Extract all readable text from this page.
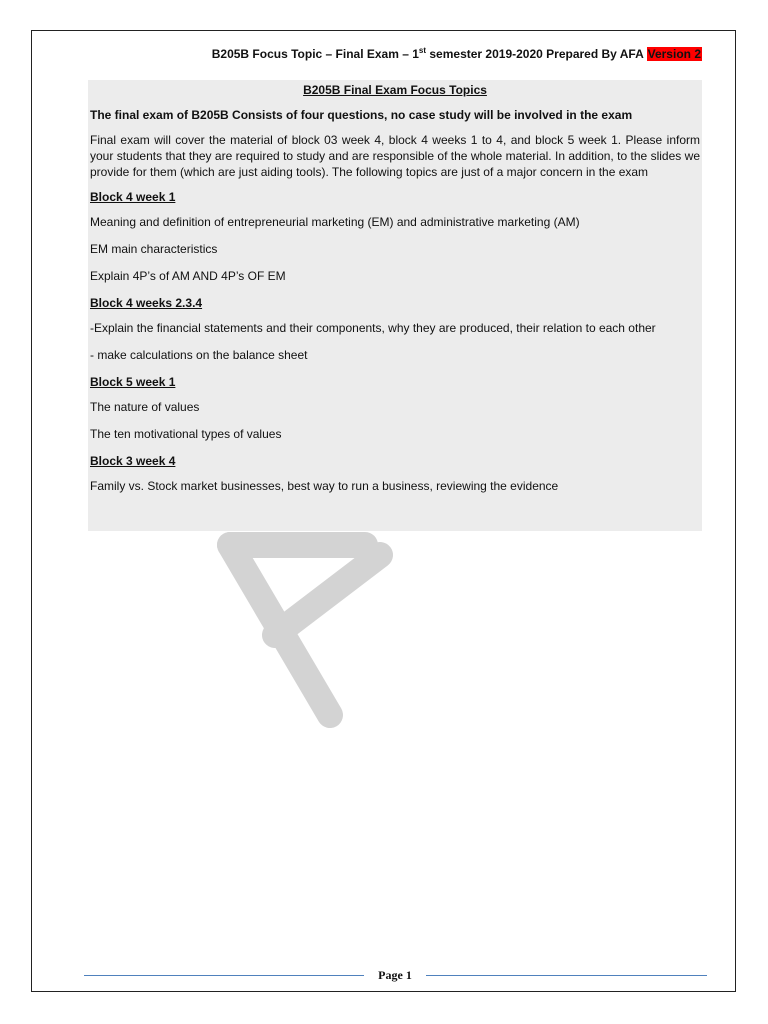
B205B Focus Topic – Final Exam – 1st semester 2019-2020 Prepared By AFA Version 2
B205B Final Exam Focus Topics
The final exam of B205B Consists of four questions, no case study will be involved in the exam
Final exam will cover the material of block 03 week 4, block 4 weeks 1 to 4, and block 5 week 1. Please inform your students that they are required to study and are responsible of the whole material. In addition, to the slides we provide for them (which are just aiding tools). The following topics are just of a major concern in the exam
Block 4 week 1
Meaning and definition of entrepreneurial marketing (EM) and administrative marketing (AM)
EM main characteristics
Explain 4P’s of AM AND 4P’s OF EM
Block 4 weeks 2.3.4
-Explain the financial statements and their components, why they are produced, their relation to each other
- make calculations on the balance sheet
Block 5 week 1
The nature of values
The ten motivational types of values
Block 3 week 4
Family vs. Stock market businesses, best way to run a business, reviewing the evidence
Page 1
